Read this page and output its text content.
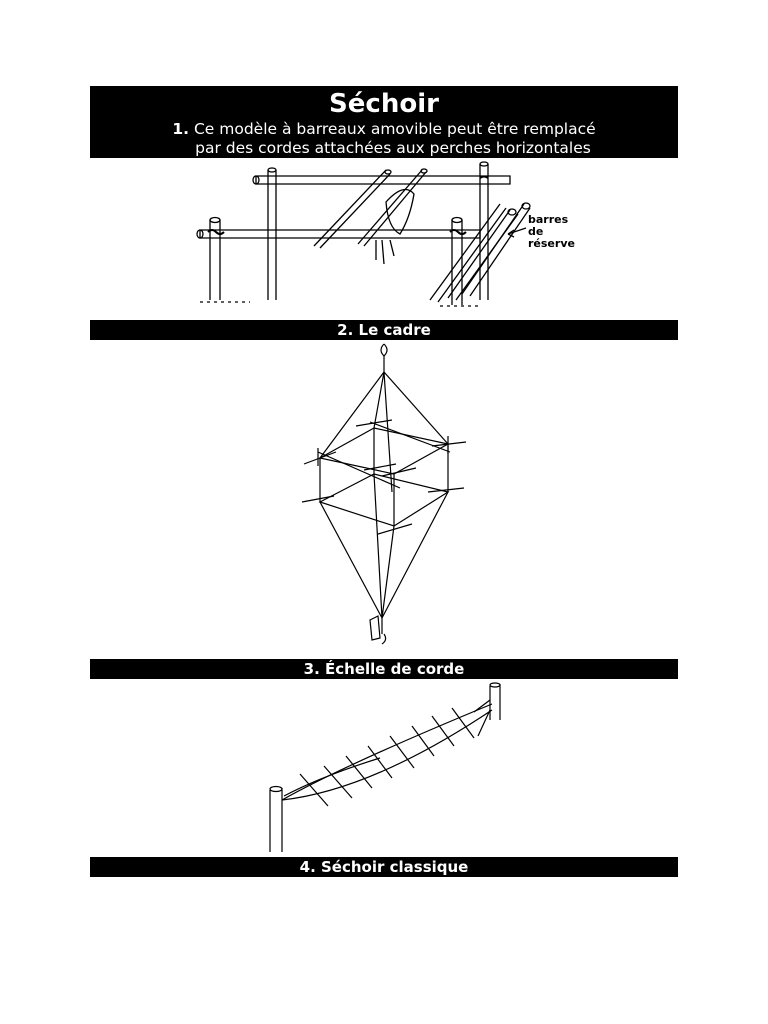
Séchoir
1. Ce modèle à barreaux amovible peut être remplacé
par des cordes attachées aux perches horizontales
barres
de
réserve
2. Le cadre
3. Échelle de corde
4. Séchoir classique
